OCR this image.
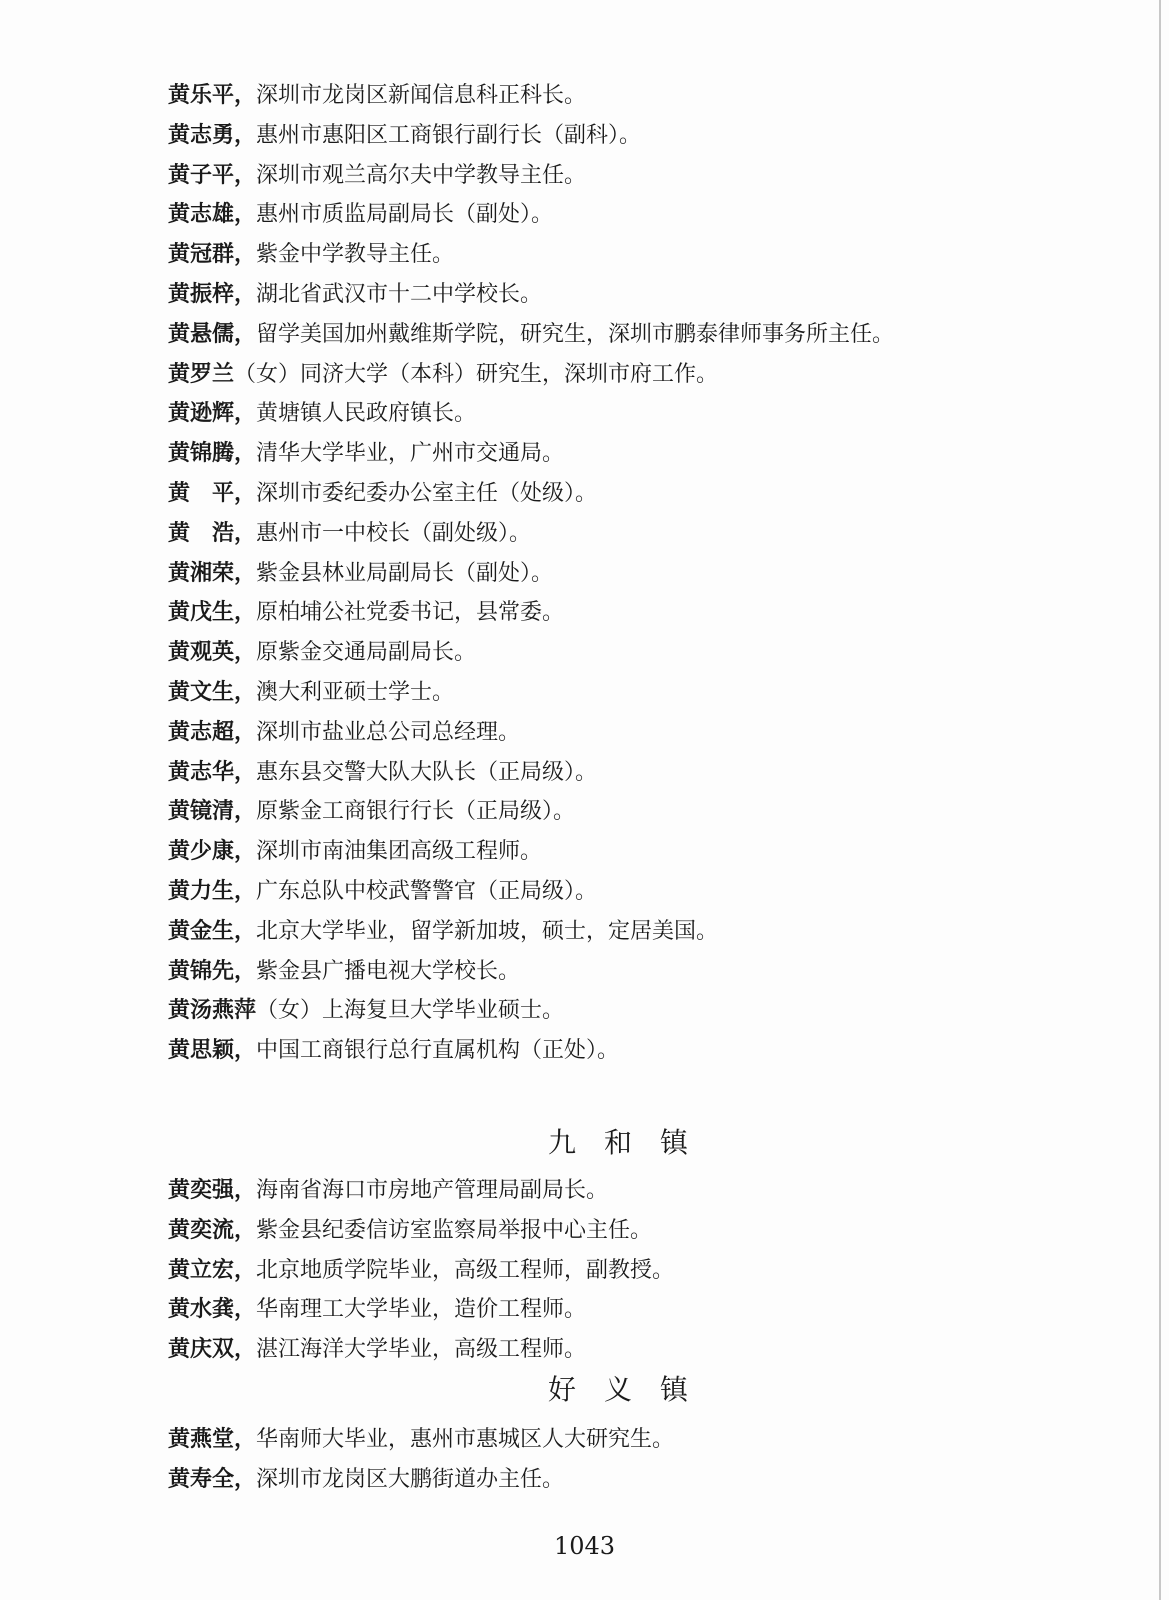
黄乐平，深圳市龙岗区新闻信息科正科长。
黄志勇，惠州市惠阳区工商银行副行长（副科）。
黄子平，深圳市观兰高尔夫中学教导主任。
黄志雄，惠州市质监局副局长（副处）。
黄冠群，紫金中学教导主任。
黄振梓，湖北省武汉市十二中学校长。
黄悬儒，留学美国加州戴维斯学院，研究生，深圳市鹏泰律师事务所主任。
黄罗兰（女）同济大学（本科）研究生，深圳市府工作。
黄逊辉，黄塘镇人民政府镇长。
黄锦腾，清华大学毕业，广州市交通局。
黄　平，深圳市委纪委办公室主任（处级）。
黄　浩，惠州市一中校长（副处级）。
黄湘荣，紫金县林业局副局长（副处）。
黄戊生，原柏埔公社党委书记，县常委。
黄观英，原紫金交通局副局长。
黄文生，澳大利亚硕士学士。
黄志超，深圳市盐业总公司总经理。
黄志华，惠东县交警大队大队长（正局级）。
黄镜清，原紫金工商银行行长（正局级）。
黄少康，深圳市南油集团高级工程师。
黄力生，广东总队中校武警警官（正局级）。
黄金生，北京大学毕业，留学新加坡，硕士，定居美国。
黄锦先，紫金县广播电视大学校长。
黄汤燕萍（女）上海复旦大学毕业硕士。
黄思颖，中国工商银行总行直属机构（正处）。
九和镇
黄奕强，海南省海口市房地产管理局副局长。
黄奕流，紫金县纪委信访室监察局举报中心主任。
黄立宏，北京地质学院毕业，高级工程师，副教授。
黄水龚，华南理工大学毕业，造价工程师。
黄庆双，湛江海洋大学毕业，高级工程师。
好义镇
黄燕堂，华南师大毕业，惠州市惠城区人大研究生。
黄寿全，深圳市龙岗区大鹏街道办主任。
1043
